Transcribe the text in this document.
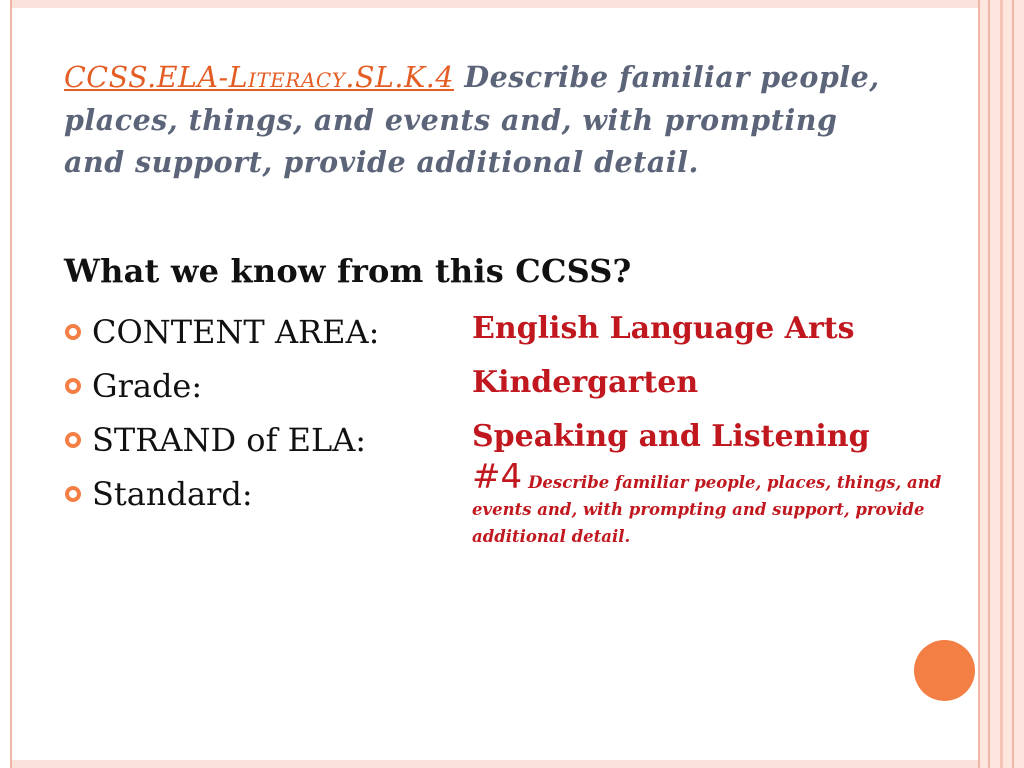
CCSS.ELA-Literacy.SL.K.4 Describe familiar people, places, things, and events and, with prompting and support, provide additional detail.
What we know from this CCSS?
CONTENT AREA:
Grade:
STRAND of ELA:
Standard:
English Language Arts
Kindergarten
Speaking and Listening
#4 Describe familiar people, places, things, and events and, with prompting and support, provide additional detail.
